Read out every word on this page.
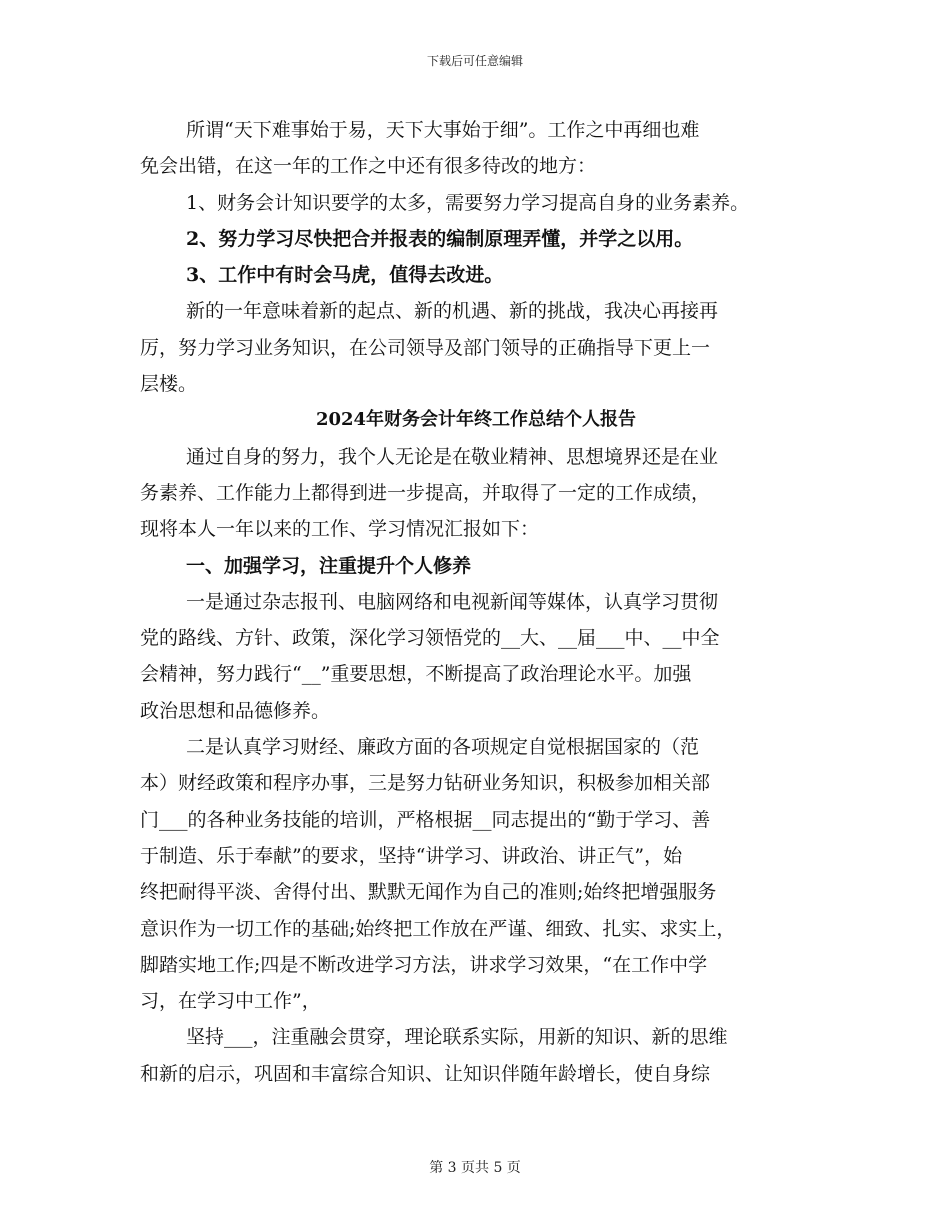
下载后可任意编辑
所谓“天下难事始于易，天下大事始于细”。工作之中再细也难
免会出错，在这一年的工作之中还有很多待改的地方：
1、财务会计知识要学的太多，需要努力学习提高自身的业务素养。
2、努力学习尽快把合并报表的编制原理弄懂，并学之以用。
3、工作中有时会马虎，值得去改进。
新的一年意味着新的起点、新的机遇、新的挑战，我决心再接再
厉，努力学习业务知识，在公司领导及部门领导的正确指导下更上一
层楼。
2024年财务会计年终工作总结个人报告
通过自身的努力，我个人无论是在敬业精神、思想境界还是在业
务素养、工作能力上都得到进一步提高，并取得了一定的工作成绩，
现将本人一年以来的工作、学习情况汇报如下：
一、加强学习，注重提升个人修养
一是通过杂志报刊、电脑网络和电视新闻等媒体，认真学习贯彻
党的路线、方针、政策，深化学习领悟党的__大、__届___中、__中全
会精神，努力践行“__”重要思想，不断提高了政治理论水平。加强
政治思想和品德修养。
二是认真学习财经、廉政方面的各项规定自觉根据国家的（范
本）财经政策和程序办事，三是努力钻研业务知识，积极参加相关部
门___的各种业务技能的培训，严格根据__同志提出的“勤于学习、善
于制造、乐于奉献”的要求，坚持“讲学习、讲政治、讲正气”，始
终把耐得平淡、舍得付出、默默无闻作为自己的准则;始终把增强服务
意识作为一切工作的基础;始终把工作放在严谨、细致、扎实、求实上，
脚踏实地工作;四是不断改进学习方法，讲求学习效果，“在工作中学
习，在学习中工作”，
坚持___，注重融会贯穿，理论联系实际，用新的知识、新的思维
和新的启示，巩固和丰富综合知识、让知识伴随年龄增长，使自身综
第 3 页共 5 页
